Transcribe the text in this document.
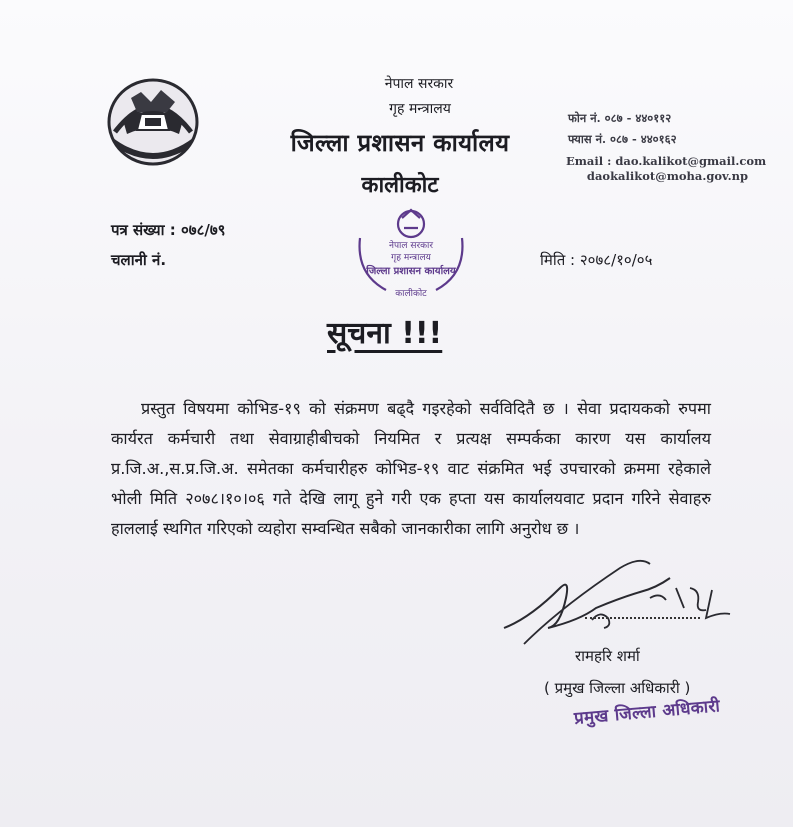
नेपाल सरकार
गृह मन्त्रालय
जिल्ला प्रशासन कार्यालय
कालीकोट
फोन नं. ०८७ - ४४०११२
फ्यास नं. ०८७ - ४४०१६२
Email : dao.kalikot@gmail.com
daokalikot@moha.gov.np
पत्र संख्या : ०७८/७९
चलानी नं.	मिति : २०७८/१०/०५
नेपाल सरकार
गृह मन्त्रालय
जिल्ला प्रशासन कार्यालय
कालीकोट
सूचना !!!
प्रस्तुत विषयमा कोभिड-१९ को संक्रमण बढ्दै गइरहेको सर्वविदितै छ । सेवा प्रदायकको रुपमा कार्यरत कर्मचारी तथा सेवाग्राहीबीचको नियमित र प्रत्यक्ष सम्पर्कका कारण यस कार्यालय प्र.जि.अ.,स.प्र.जि.अ. समेतका कर्मचारीहरु कोभिड-१९ वाट संक्रमित भई उपचारको क्रममा रहेकाले भोली मिति २०७८।१०।०६ गते देखि लागू हुने गरी एक हप्ता यस कार्यालयवाट प्रदान गरिने सेवाहरु हाललाई स्थगित गरिएको व्यहोरा सम्वन्धित सबैको जानकारीका लागि अनुरोध छ ।
रामहरि शर्मा
( प्रमुख जिल्ला अधिकारी )
प्रमुख जिल्ला अधिकारी
